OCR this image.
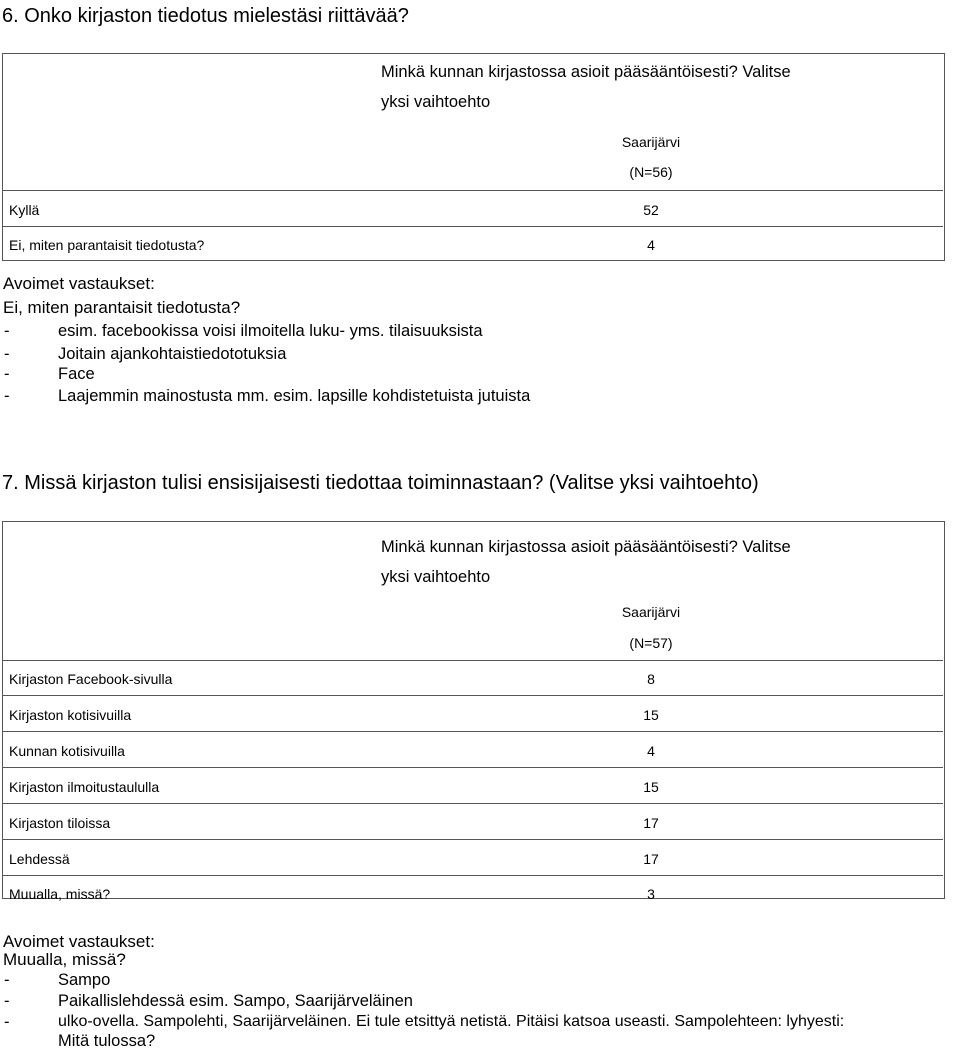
6. Onko kirjaston tiedotus mielestäsi riittävää?
Minkä kunnan kirjastossa asioit pääsääntöisesti? Valitse
yksi vaihtoehto
Saarijärvi
(N=56)
Kyllä	52
Ei, miten parantaisit tiedotusta?	4
Avoimet vastaukset:
Ei, miten parantaisit tiedotusta?
-	esim. facebookissa voisi ilmoitella luku- yms. tilaisuuksista
-	Joitain ajankohtaistiedototuksia
-	Face
-	Laajemmin mainostusta mm. esim. lapsille kohdistetuista jutuista
7. Missä kirjaston tulisi ensisijaisesti tiedottaa toiminnastaan? (Valitse yksi vaihtoehto)
Minkä kunnan kirjastossa asioit pääsääntöisesti? Valitse
yksi vaihtoehto
Saarijärvi
(N=57)
Kirjaston Facebook-sivulla	8
Kirjaston kotisivuilla	15
Kunnan kotisivuilla	4
Kirjaston ilmoitustaululla	15
Kirjaston tiloissa	17
Lehdessä	17
Muualla, missä?	3
Avoimet vastaukset:
Muualla, missä?
-	Sampo
-	Paikallislehdessä esim. Sampo, Saarijärveläinen
-	ulko-ovella. Sampolehti, Saarijärveläinen. Ei tule etsittyä netistä. Pitäisi katsoa useasti. Sampolehteen: lyhyesti:
Mitä tulossa?
